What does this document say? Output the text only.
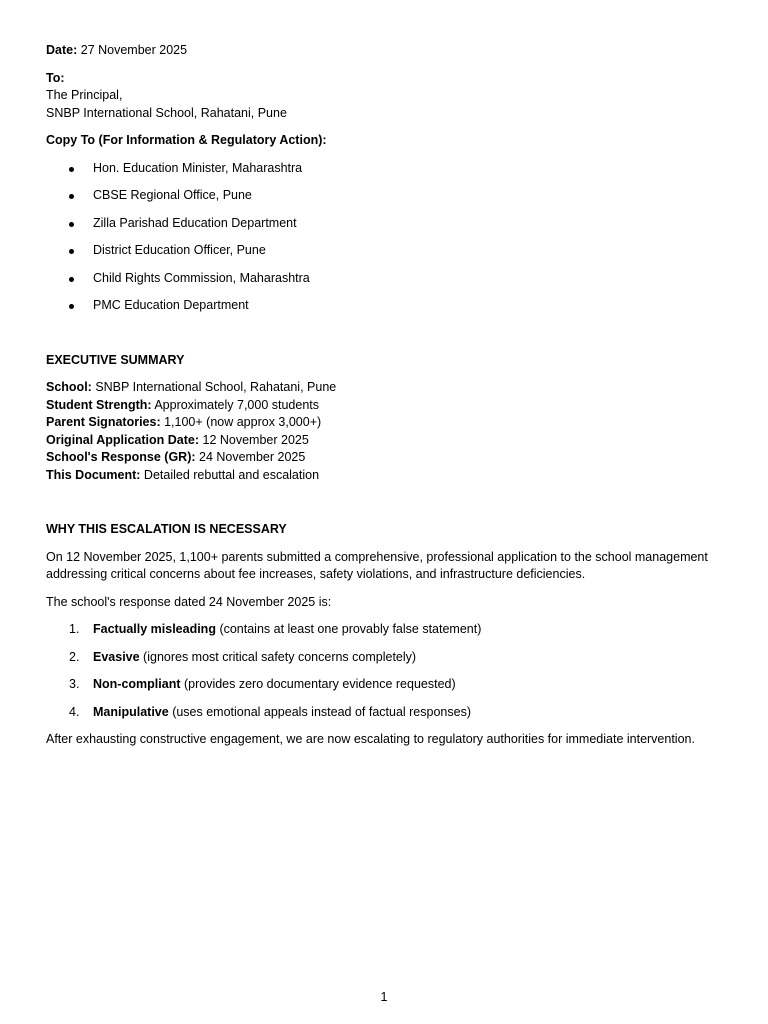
Date: 27 November 2025

To:

The Principal,

SNBP International School, Rahatani, Pune

Copy To (For Information & Regulatory Action):

Hon. Education Minister, Maharashtra
CBSE Regional Office, Pune
Zilla Parishad Education Department
District Education Officer, Pune
Child Rights Commission, Maharashtra
PMC Education Department

EXECUTIVE SUMMARY

School: SNBP International School, Rahatani, Pune

Student Strength: Approximately 7,000 students

Parent Signatories: 1,100+ (now approx 3,000+)

Original Application Date: 12 November 2025

School's Response (GR): 24 November 2025

This Document: Detailed rebuttal and escalation

WHY THIS ESCALATION IS NECESSARY

On 12 November 2025, 1,100+ parents submitted a comprehensive, professional application to the school management addressing critical concerns about fee increases, safety violations, and infrastructure deficiencies.

The school's response dated 24 November 2025 is:

1. Factually misleading (contains at least one provably false statement)
2. Evasive (ignores most critical safety concerns completely)
3. Non-compliant (provides zero documentary evidence requested)
4. Manipulative (uses emotional appeals instead of factual responses)

After exhausting constructive engagement, we are now escalating to regulatory authorities for immediate intervention.

1
